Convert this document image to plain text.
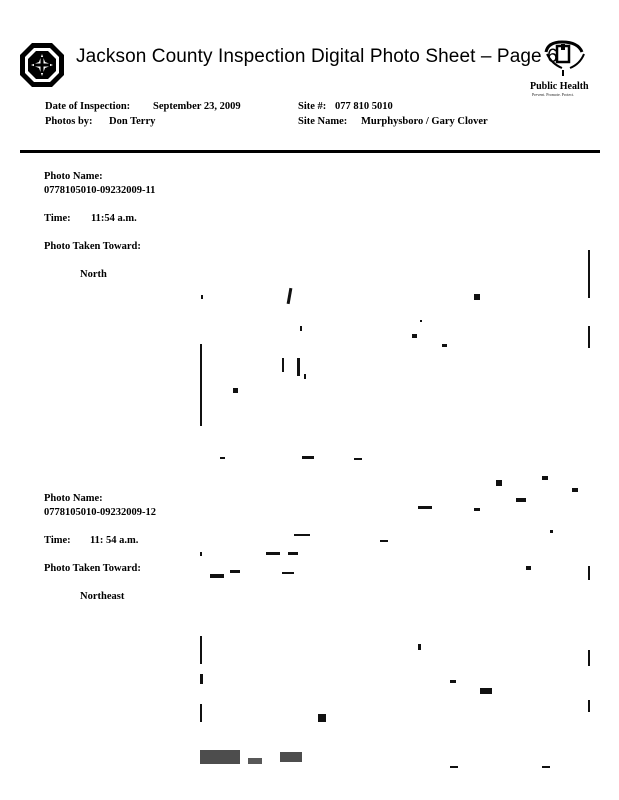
Jackson County Inspection Digital Photo Sheet – Page 6
Public Health
Prevent. Promote. Protect.
Date of Inspection: September 23, 2009
Photos by: Don Terry
Site #: 077 810 5010
Site Name: Murphysboro / Gary Clover
Photo Name:
0778105010-09232009-11
Time: 11:54 a.m.
Photo Taken Toward:
North
Photo Name:
0778105010-09232009-12
Time: 11: 54 a.m.
Photo Taken Toward:
Northeast
